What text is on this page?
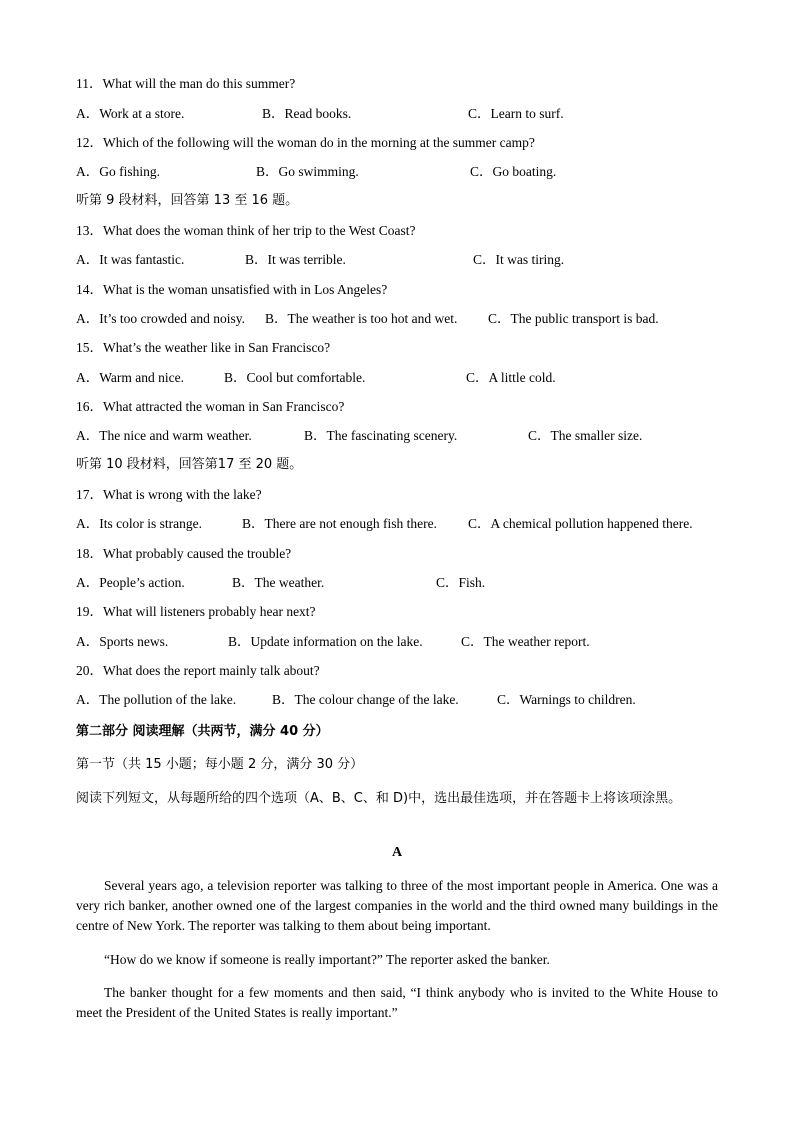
11．What will the man do this summer?
A．Work at a store.	B．Read books.	C．Learn to surf.
12．Which of the following will the woman do in the morning at the summer camp?
A．Go fishing.	B．Go swimming.	C．Go boating.
听第 9 段材料，回答第 13 至 16 题。
13．What does the woman think of her trip to the West Coast?
A．It was fantastic.	B．It was terrible.	C．It was tiring.
14．What is the woman unsatisfied with in Los Angeles?
A．It’s too crowded and noisy. B．The weather is too hot and wet. C．The public transport is bad.
15．What’s the weather like in San Francisco?
A．Warm and nice.	B．Cool but comfortable.	C．A little cold.
16．What attracted the woman in San Francisco?
A．The nice and warm weather.	B．The fascinating scenery.	C．The smaller size.
听第 10 段材料，回答第17 至 20 题。
17．What is wrong with the lake?
A．Its color is strange.	B．There are not enough fish there. C．A chemical pollution happened there.
18．What probably caused the trouble?
A．People’s action.	B．The weather.	C．Fish.
19．What will listeners probably hear next?
A．Sports news.	B．Update information on the lake.	C．The weather report.
20．What does the report mainly talk about?
A．The pollution of the lake.	B．The colour change of the lake.	C．Warnings to children.
第二部分 阅读理解（共两节，满分 40 分）
第一节（共 15 小题；每小题 2 分，满分 30 分）
阅读下列短文，从每题所给的四个选项（A、B、C、和 D)中，选出最佳选项，并在答题卡上将该项涂黑。
A
Several years ago, a television reporter was talking to three of the most important people in America. One was a very rich banker, another owned one of the largest companies in the world and the third owned many buildings in the centre of New York. The reporter was talking to them about being important.
“How do we know if someone is really important?” The reporter asked the banker.
The banker thought for a few moments and then said, “I think anybody who is invited to the White House to meet the President of the United States is really important.”
